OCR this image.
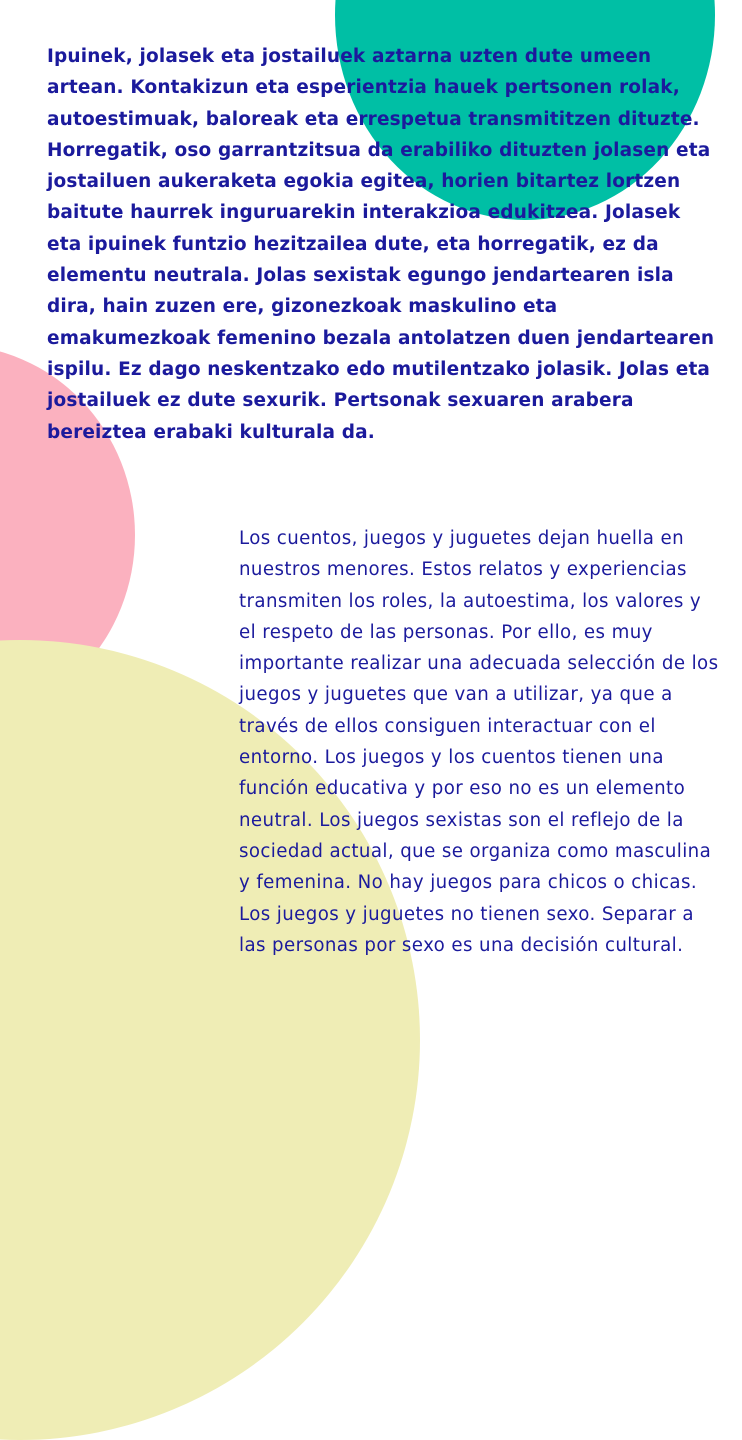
Ipuinek, jolasek eta jostailuek aztarna uzten dute umeen artean. Kontakizun eta esperientzia hauek pertsonen rolak, autoestimuak, baloreak eta errespetua transmititzen dituzte. Horregatik, oso garrantzitsua da erabiliko dituzten jolasen eta jostailuen aukeraketa egokia egitea, horien bitartez lortzen baitute haurrek inguruarekin interakzioa edukitzea. Jolasek eta ipuinek funtzio hezitzailea dute, eta horregatik, ez da elementu neutrala. Jolas sexistak egungo jendartearen isla dira, hain zuzen ere, gizonezkoak maskulino eta emakumezkoak femenino bezala antolatzen duen jendartearen ispilu. Ez dago neskentzako edo mutilentzako jolasik. Jolas eta jostailuek ez dute sexurik. Pertsonak sexuaren arabera bereiztea erabaki kulturala da.

Los cuentos, juegos y juguetes dejan huella en nuestros menores. Estos relatos y experiencias transmiten los roles, la autoestima, los valores y el respeto de las personas. Por ello, es muy importante realizar una adecuada selección de los juegos y juguetes que van a utilizar, ya que a través de ellos consiguen interactuar con el entorno. Los juegos y los cuentos tienen una función educativa y por eso no es un elemento neutral. Los juegos sexistas son el reflejo de la sociedad actual, que se organiza como masculina y femenina. No hay juegos para chicos o chicas. Los juegos y juguetes no tienen sexo. Separar a las personas por sexo es una decisión cultural.
